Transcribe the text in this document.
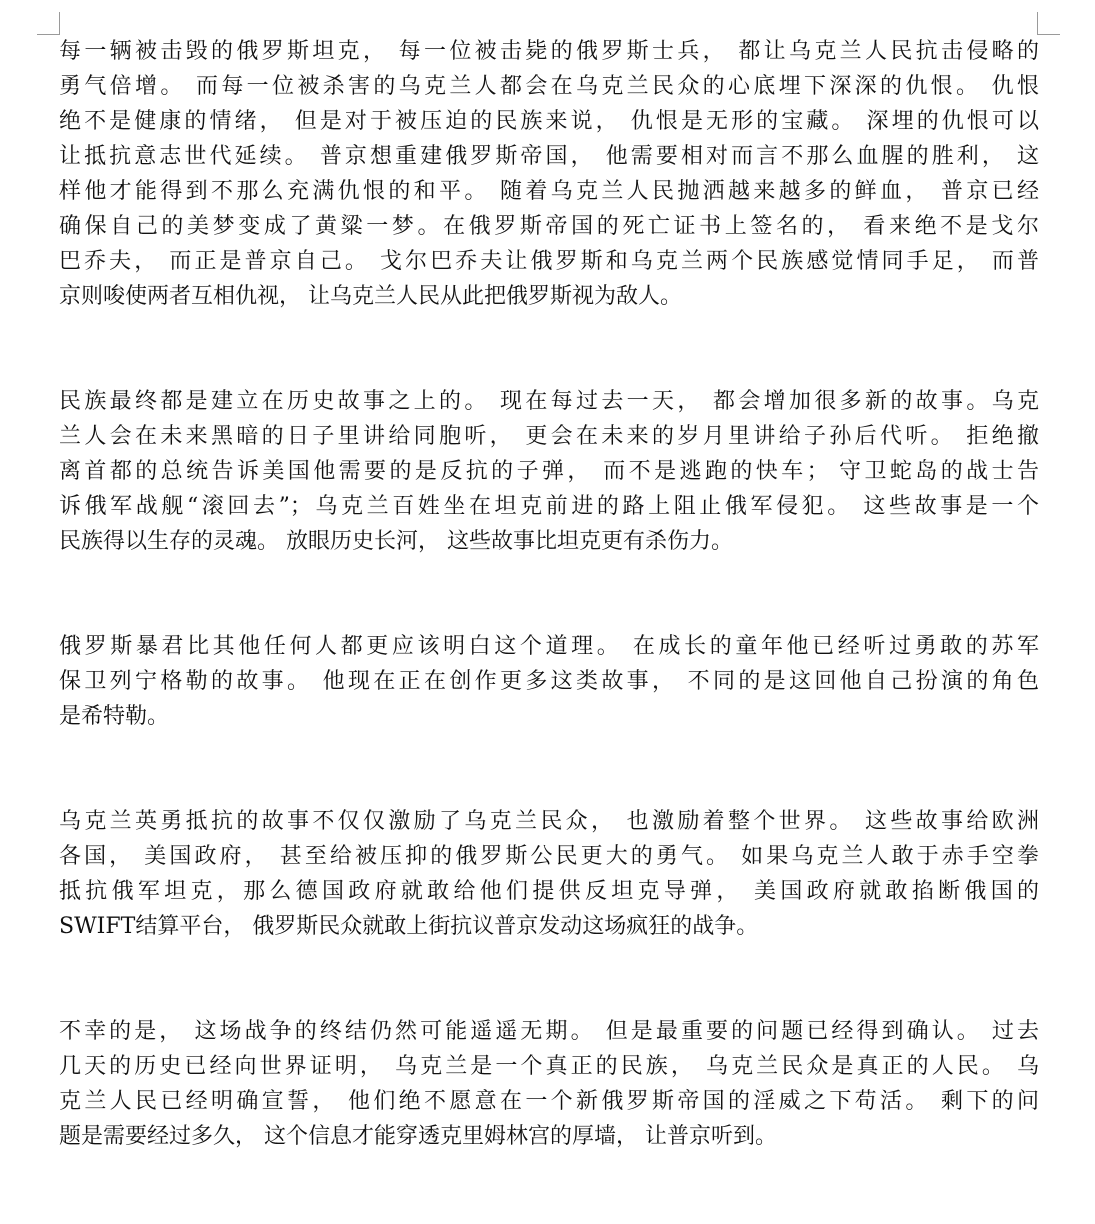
每一辆被击毁的俄罗斯坦克， 每一位被击毙的俄罗斯士兵， 都让乌克兰人民抗击侵略的
勇气倍增。 而每一位被杀害的乌克兰人都会在乌克兰民众的心底埋下深深的仇恨。 仇恨
绝不是健康的情绪， 但是对于被压迫的民族来说， 仇恨是无形的宝藏。 深埋的仇恨可以
让抵抗意志世代延续。 普京想重建俄罗斯帝国， 他需要相对而言不那么血腥的胜利， 这
样他才能得到不那么充满仇恨的和平。 随着乌克兰人民抛洒越来越多的鲜血， 普京已经
确保自己的美梦变成了黄粱一梦。在俄罗斯帝国的死亡证书上签名的， 看来绝不是戈尔
巴乔夫， 而正是普京自己。 戈尔巴乔夫让俄罗斯和乌克兰两个民族感觉情同手足， 而普
京则唆使两者互相仇视， 让乌克兰人民从此把俄罗斯视为敌人。

民族最终都是建立在历史故事之上的。 现在每过去一天， 都会增加很多新的故事。乌克
兰人会在未来黑暗的日子里讲给同胞听， 更会在未来的岁月里讲给子孙后代听。 拒绝撤
离首都的总统告诉美国他需要的是反抗的子弹， 而不是逃跑的快车； 守卫蛇岛的战士告
诉俄军战舰“滚回去”；乌克兰百姓坐在坦克前进的路上阻止俄军侵犯。 这些故事是一个
民族得以生存的灵魂。 放眼历史长河， 这些故事比坦克更有杀伤力。

俄罗斯暴君比其他任何人都更应该明白这个道理。 在成长的童年他已经听过勇敢的苏军
保卫列宁格勒的故事。 他现在正在创作更多这类故事， 不同的是这回他自己扮演的角色
是希特勒。

乌克兰英勇抵抗的故事不仅仅激励了乌克兰民众， 也激励着整个世界。 这些故事给欧洲
各国， 美国政府， 甚至给被压抑的俄罗斯公民更大的勇气。 如果乌克兰人敢于赤手空拳
抵抗俄军坦克，那么德国政府就敢给他们提供反坦克导弹， 美国政府就敢掐断俄国的
SWIFT结算平台， 俄罗斯民众就敢上街抗议普京发动这场疯狂的战争。

不幸的是， 这场战争的终结仍然可能遥遥无期。 但是最重要的问题已经得到确认。 过去
几天的历史已经向世界证明， 乌克兰是一个真正的民族， 乌克兰民众是真正的人民。 乌
克兰人民已经明确宣誓， 他们绝不愿意在一个新俄罗斯帝国的淫威之下苟活。 剩下的问
题是需要经过多久， 这个信息才能穿透克里姆林宫的厚墙， 让普京听到。
